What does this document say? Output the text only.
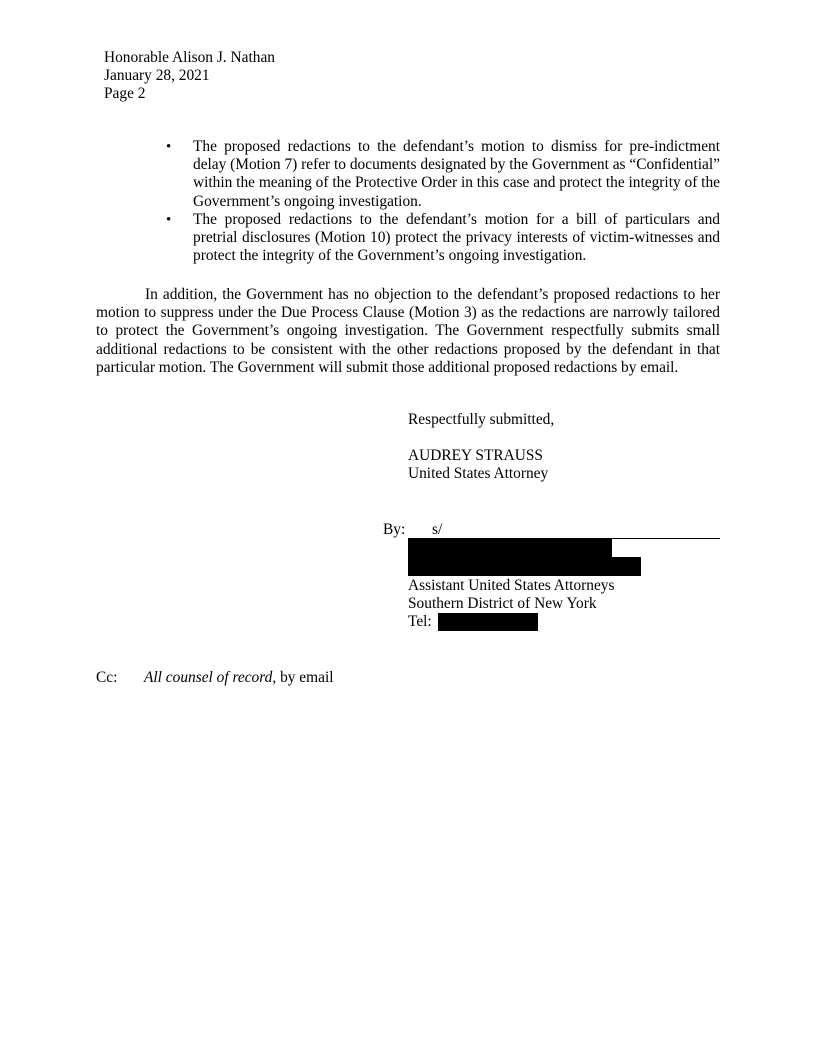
Honorable Alison J. Nathan
January 28, 2021
Page 2
• The proposed redactions to the defendant’s motion to dismiss for pre-indictment delay (Motion 7) refer to documents designated by the Government as “Confidential” within the meaning of the Protective Order in this case and protect the integrity of the Government’s ongoing investigation.
• The proposed redactions to the defendant’s motion for a bill of particulars and pretrial disclosures (Motion 10) protect the privacy interests of victim-witnesses and protect the integrity of the Government’s ongoing investigation.
In addition, the Government has no objection to the defendant’s proposed redactions to her motion to suppress under the Due Process Clause (Motion 3) as the redactions are narrowly tailored to protect the Government’s ongoing investigation. The Government respectfully submits small additional redactions to be consistent with the other redactions proposed by the defendant in that particular motion. The Government will submit those additional proposed redactions by email.
Respectfully submitted,
AUDREY STRAUSS
United States Attorney
By: s/
Assistant United States Attorneys
Southern District of New York
Tel:
Cc: All counsel of record, by email
